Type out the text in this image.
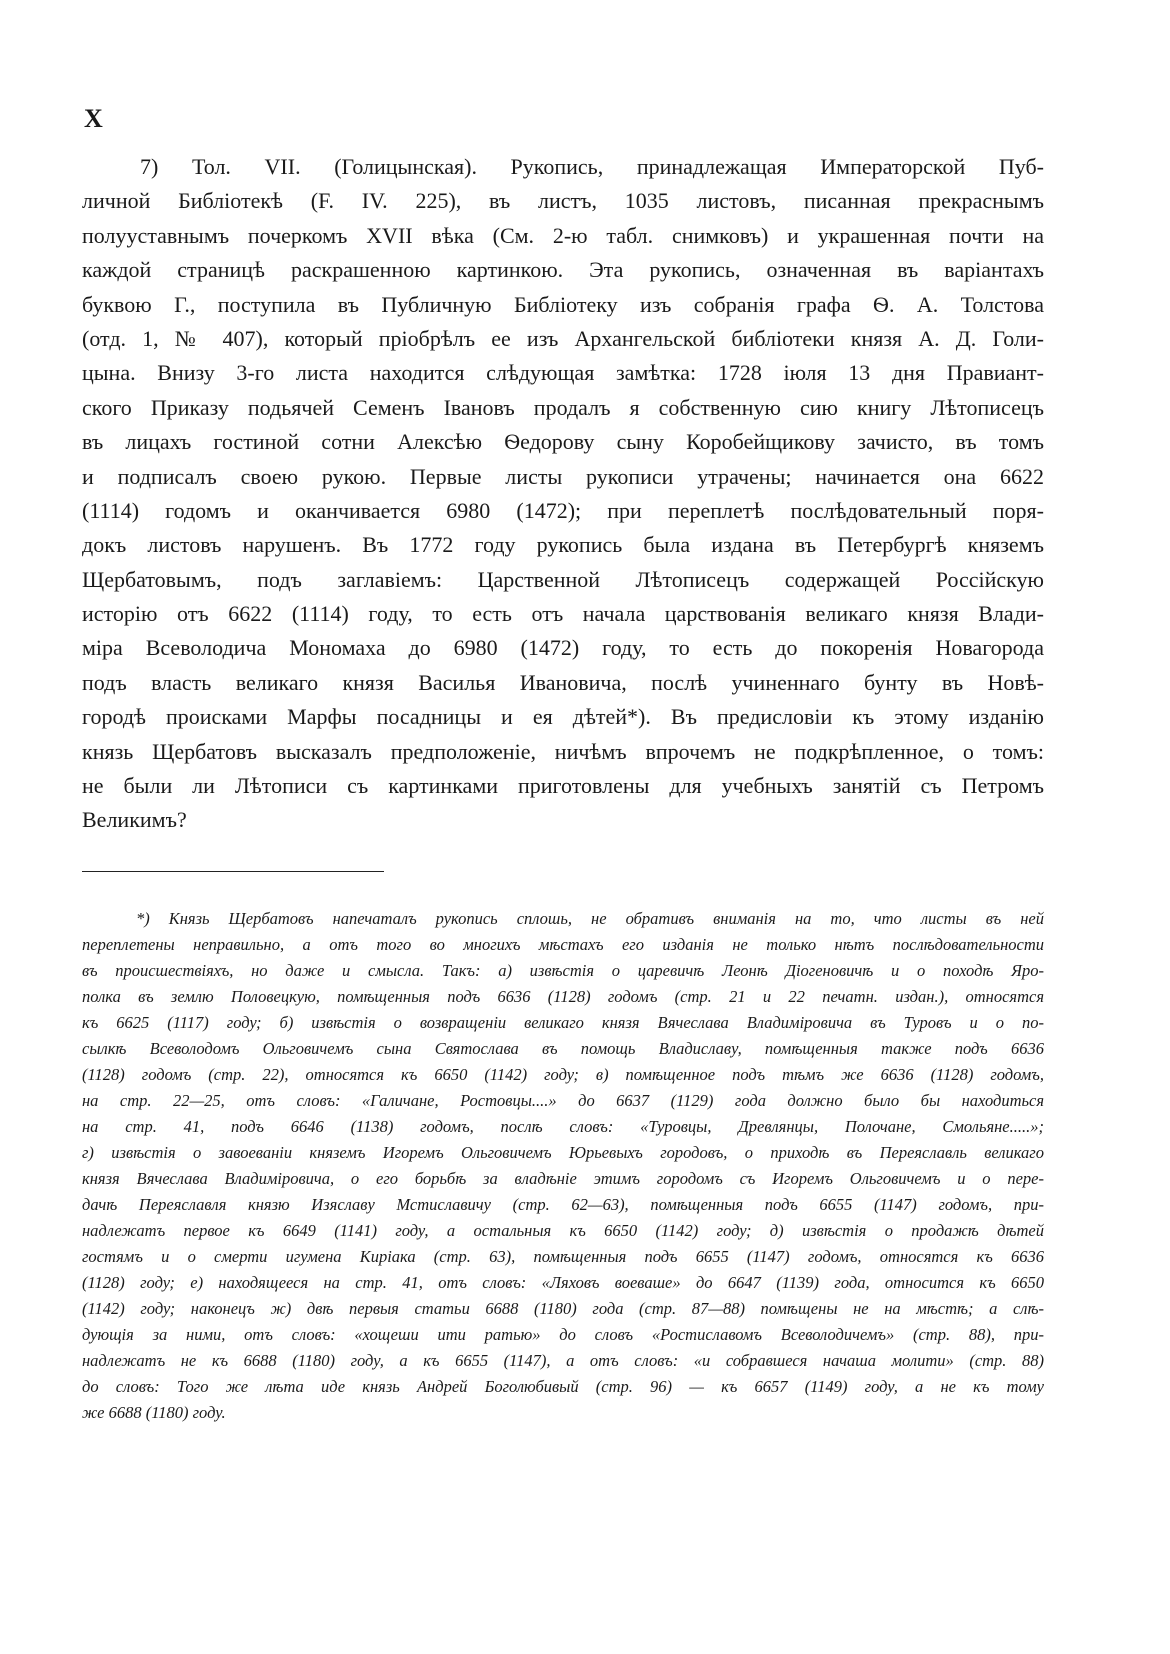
X
7) Тол. VII. (Голицынская). Рукопись, принадлежащая Императорской Пуб-
личной Библіотекѣ (F. IV. 225), въ листъ, 1035 листовъ, писанная прекраснымъ
полууставнымъ почеркомъ XVII вѣка (См. 2-ю табл. снимковъ) и украшенная почти на
каждой страницѣ раскрашенною картинкою. Эта рукопись, означенная въ варіантахъ
буквою Г., поступила въ Публичную Библіотеку изъ собранія графа Ѳ. А. Толстова
(отд. 1, № 407), который пріобрѣлъ ее изъ Архангельской библіотеки князя А. Д. Голи-
цына. Внизу 3-го листа находится слѣдующая замѣтка: 1728 іюля 13 дня Правиант-
ского Приказу подьячей Семенъ Івановъ продалъ я собственную сию книгу Лѣтописецъ
въ лицахъ гостиной сотни Алексѣю Ѳедорову сыну Коробейщикову зачисто, въ томъ
и подписалъ своею рукою. Первые листы рукописи утрачены; начинается она 6622
(1114) годомъ и оканчивается 6980 (1472); при переплетѣ послѣдовательный поря-
докъ листовъ нарушенъ. Въ 1772 году рукопись была издана въ Петербургѣ княземъ
Щербатовымъ, подъ заглавіемъ: Царственной Лѣтописецъ содержащей Россійскую
исторію отъ 6622 (1114) году, то есть отъ начала царствованія великаго князя Влади-
міра Всеволодича Мономаха до 6980 (1472) году, то есть до покоренія Новагорода
подъ власть великаго князя Василья Ивановича, послѣ учиненнаго бунту въ Новѣ-
городѣ происками Марфы посадницы и ея дѣтей*). Въ предисловіи къ этому изданію
князь Щербатовъ высказалъ предположеніе, ничѣмъ впрочемъ не подкрѣпленное, о томъ:
не были ли Лѣтописи съ картинками приготовлены для учебныхъ занятій съ Петромъ
Великимъ?
*) Князь Щербатовъ напечаталъ рукопись сплошь, не обративъ вниманія на то, что листы въ ней
переплетены неправильно, а отъ того во многихъ мѣстахъ его изданія не только нѣтъ послѣдовательности
въ происшествіяхъ, но даже и смысла. Такъ: а) извѣстія о царевичѣ Леонѣ Діогеновичѣ и о походѣ Яро-
полка въ землю Половецкую, помѣщенныя подъ 6636 (1128) годомъ (стр. 21 и 22 печатн. издан.), относятся
къ 6625 (1117) году; б) извѣстія о возвращеніи великаго князя Вячеслава Владиміровича въ Туровъ и о по-
сылкѣ Всеволодомъ Ольговичемъ сына Святослава въ помощь Владиславу, помѣщенныя также подъ 6636
(1128) годомъ (стр. 22), относятся къ 6650 (1142) году; в) помѣщенное подъ тѣмъ же 6636 (1128) годомъ,
на стр. 22—25, отъ словъ: «Галичане, Ростовцы....» до 6637 (1129) года должно было бы находиться
на стр. 41, подъ 6646 (1138) годомъ, послѣ словъ: «Туровцы, Древлянцы, Полочане, Смольяне.....»;
г) извѣстія о завоеваніи княземъ Игоремъ Ольговичемъ Юрьевыхъ городовъ, о приходѣ въ Переяславль великаго
князя Вячеслава Владиміровича, о его борьбѣ за владѣніе этимъ городомъ съ Игоремъ Ольговичемъ и о пере-
дачѣ Переяславля князю Изяславу Мстиславичу (стр. 62—63), помѣщенныя подъ 6655 (1147) годомъ, при-
надлежатъ первое къ 6649 (1141) году, а остальныя къ 6650 (1142) году; д) извѣстія о продажѣ дѣтей
гостямъ и о смерти игумена Киріака (стр. 63), помѣщенныя подъ 6655 (1147) годомъ, относятся къ 6636
(1128) году; е) находящееся на стр. 41, отъ словъ: «Ляховъ воеваше» до 6647 (1139) года, относится къ 6650
(1142) году; наконецъ ж) двѣ первыя статьи 6688 (1180) года (стр. 87—88) помѣщены не на мѣстѣ; а слѣ-
дующія за ними, отъ словъ: «хощеши ити ратью» до словъ «Ростиславомъ Всеволодичемъ» (стр. 88), при-
надлежатъ не къ 6688 (1180) году, а къ 6655 (1147), а отъ словъ: «и собравшеся начаша молити» (стр. 88)
до словъ: Того же лѣта иде князь Андрей Боголюбивый (стр. 96) — къ 6657 (1149) году, а не къ тому
же 6688 (1180) году.
